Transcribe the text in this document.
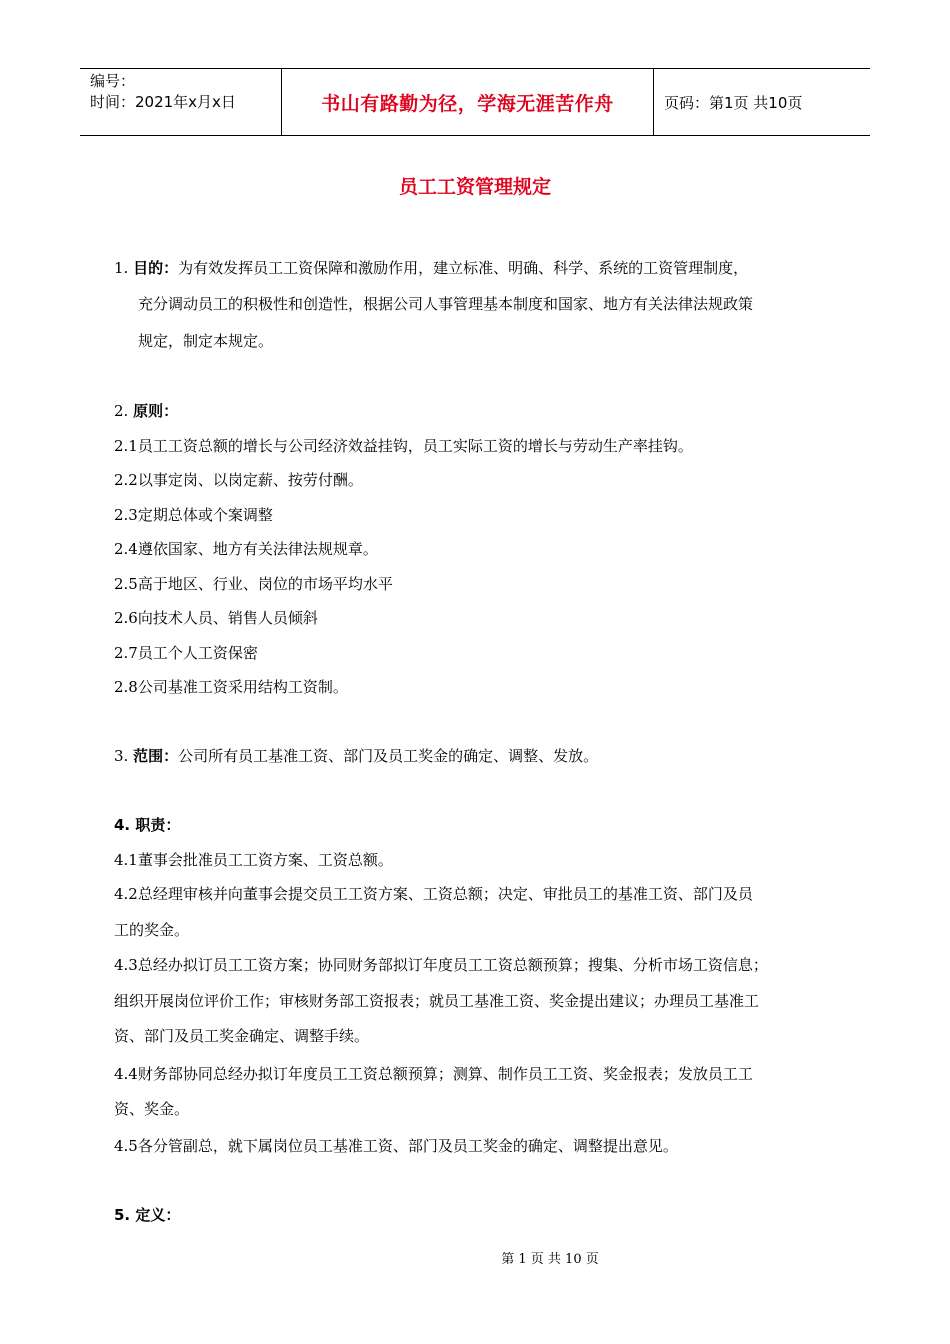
编号：
时间：2021年x月x日	书山有路勤为径，学海无涯苦作舟	页码：第1页 共10页
员工工资管理规定
1. 目的：为有效发挥员工工资保障和激励作用，建立标准、明确、科学、系统的工资管理制度，
充分调动员工的积极性和创造性，根据公司人事管理基本制度和国家、地方有关法律法规政策
规定，制定本规定。
2. 原则：
2.1员工工资总额的增长与公司经济效益挂钩，员工实际工资的增长与劳动生产率挂钩。
2.2以事定岗、以岗定薪、按劳付酬。
2.3定期总体或个案调整
2.4遵依国家、地方有关法律法规规章。
2.5高于地区、行业、岗位的市场平均水平
2.6向技术人员、销售人员倾斜
2.7员工个人工资保密
2.8公司基准工资采用结构工资制。
3. 范围：公司所有员工基准工资、部门及员工奖金的确定、调整、发放。
4. 职责：
4.1董事会批准员工工资方案、工资总额。
4.2总经理审核并向董事会提交员工工资方案、工资总额；决定、审批员工的基准工资、部门及员
工的奖金。
4.3总经办拟订员工工资方案；协同财务部拟订年度员工工资总额预算；搜集、分析市场工资信息；
组织开展岗位评价工作；审核财务部工资报表；就员工基准工资、奖金提出建议；办理员工基准工
资、部门及员工奖金确定、调整手续。
4.4财务部协同总经办拟订年度员工工资总额预算；测算、制作员工工资、奖金报表；发放员工工
资、奖金。
4.5各分管副总，就下属岗位员工基准工资、部门及员工奖金的确定、调整提出意见。
5. 定义：
第 1 页 共 10 页
